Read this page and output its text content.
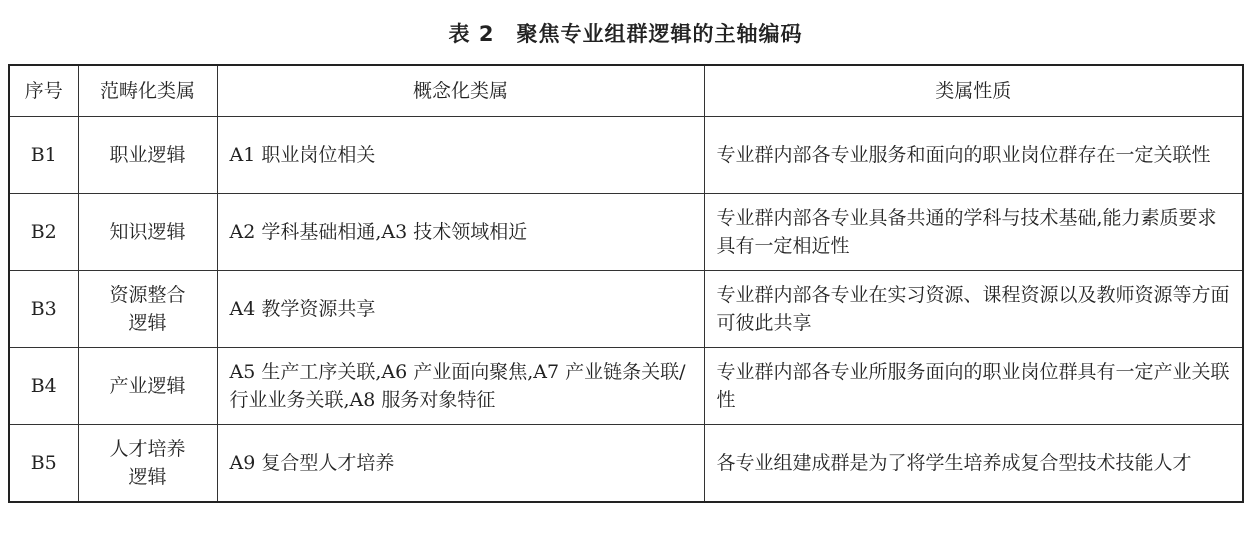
表 2　聚焦专业组群逻辑的主轴编码
序号	范畴化类属	概念化类属	类属性质
B1	职业逻辑	A1 职业岗位相关	专业群内部各专业服务和面向的职业岗位群存在一定关联性
B2	知识逻辑	A2 学科基础相通,A3 技术领域相近	专业群内部各专业具备共通的学科与技术基础,能力素质要求具有一定相近性
B3	资源整合逻辑	A4 教学资源共享	专业群内部各专业在实习资源、课程资源以及教师资源等方面可彼此共享
B4	产业逻辑	A5 生产工序关联,A6 产业面向聚焦,A7 产业链条关联/行业业务关联,A8 服务对象特征	专业群内部各专业所服务面向的职业岗位群具有一定产业关联性
B5	人才培养逻辑	A9 复合型人才培养	各专业组建成群是为了将学生培养成复合型技术技能人才
